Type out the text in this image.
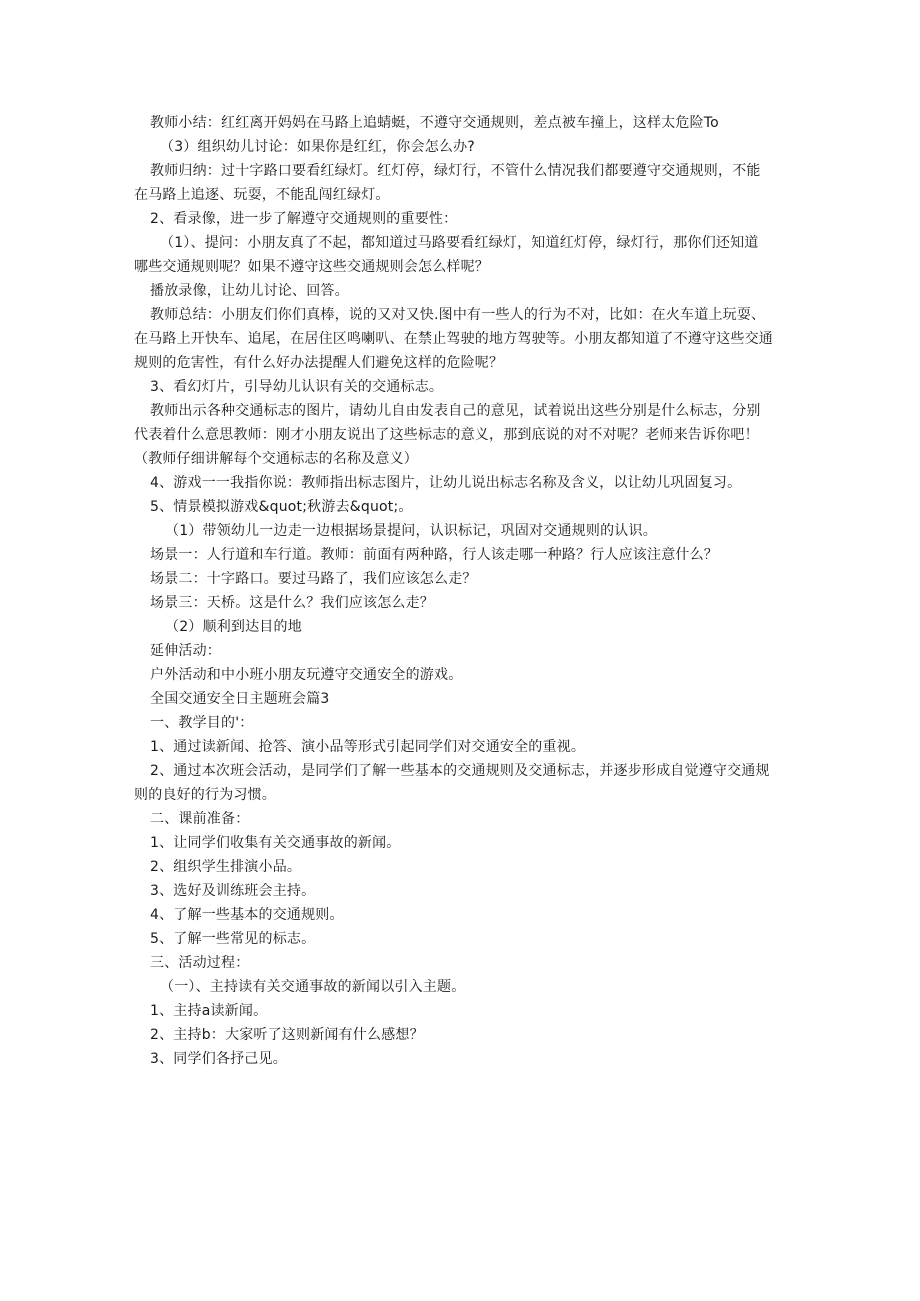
教师小结：红红离开妈妈在马路上追蜻蜓，不遵守交通规则，差点被车撞上，这样太危险To
（3）组织幼儿讨论：如果你是红红，你会怎么办?
教师归纳：过十字路口要看红绿灯。红灯停，绿灯行，不管什么情况我们都要遵守交通规则，不能
在马路上追逐、玩耍，不能乱闯红绿灯。
2、看录像，进一步了解遵守交通规则的重要性：
（1）、提问：小朋友真了不起，都知道过马路要看红绿灯，知道红灯停，绿灯行，那你们还知道
哪些交通规则呢？如果不遵守这些交通规则会怎么样呢？
播放录像，让幼儿讨论、回答。
教师总结：小朋友们你们真棒，说的又对又快.图中有一些人的行为不对，比如：在火车道上玩耍、
在马路上开快车、追尾，在居住区鸣喇叭、在禁止驾驶的地方驾驶等。小朋友都知道了不遵守这些交通
规则的危害性，有什么好办法提醒人们避免这样的危险呢？
3、看幻灯片，引导幼儿认识有关的交通标志。
教师出示各种交通标志的图片，请幼儿自由发表自己的意见，试着说出这些分别是什么标志，分别
代表着什么意思教师：刚才小朋友说出了这些标志的意义，那到底说的对不对呢？老师来告诉你吧！
（教师仔细讲解每个交通标志的名称及意义）
4、游戏一一我指你说：教师指出标志图片，让幼儿说出标志名称及含义，以让幼儿巩固复习。
5、情景模拟游戏&quot;秋游去&quot;。
（1）带领幼儿一边走一边根据场景提问，认识标记，巩固对交通规则的认识。
场景一：人行道和车行道。教师：前面有两种路，行人该走哪一种路？行人应该注意什么？
场景二：十字路口。要过马路了，我们应该怎么走？
场景三：天桥。这是什么？我们应该怎么走？
（2）顺利到达目的地
延伸活动：
户外活动和中小班小朋友玩遵守交通安全的游戏。
全国交通安全日主题班会篇3
一、教学目的'：
1、通过读新闻、抢答、演小品等形式引起同学们对交通安全的重视。
2、通过本次班会活动，是同学们了解一些基本的交通规则及交通标志，并逐步形成自觉遵守交通规
则的良好的行为习惯。
二、课前准备：
1、让同学们收集有关交通事故的新闻。
2、组织学生排演小品。
3、选好及训练班会主持。
4、了解一些基本的交通规则。
5、了解一些常见的标志。
三、活动过程：
（一）、主持读有关交通事故的新闻以引入主题。
1、主持a读新闻。
2、主持b：大家听了这则新闻有什么感想？
3、同学们各抒己见。
